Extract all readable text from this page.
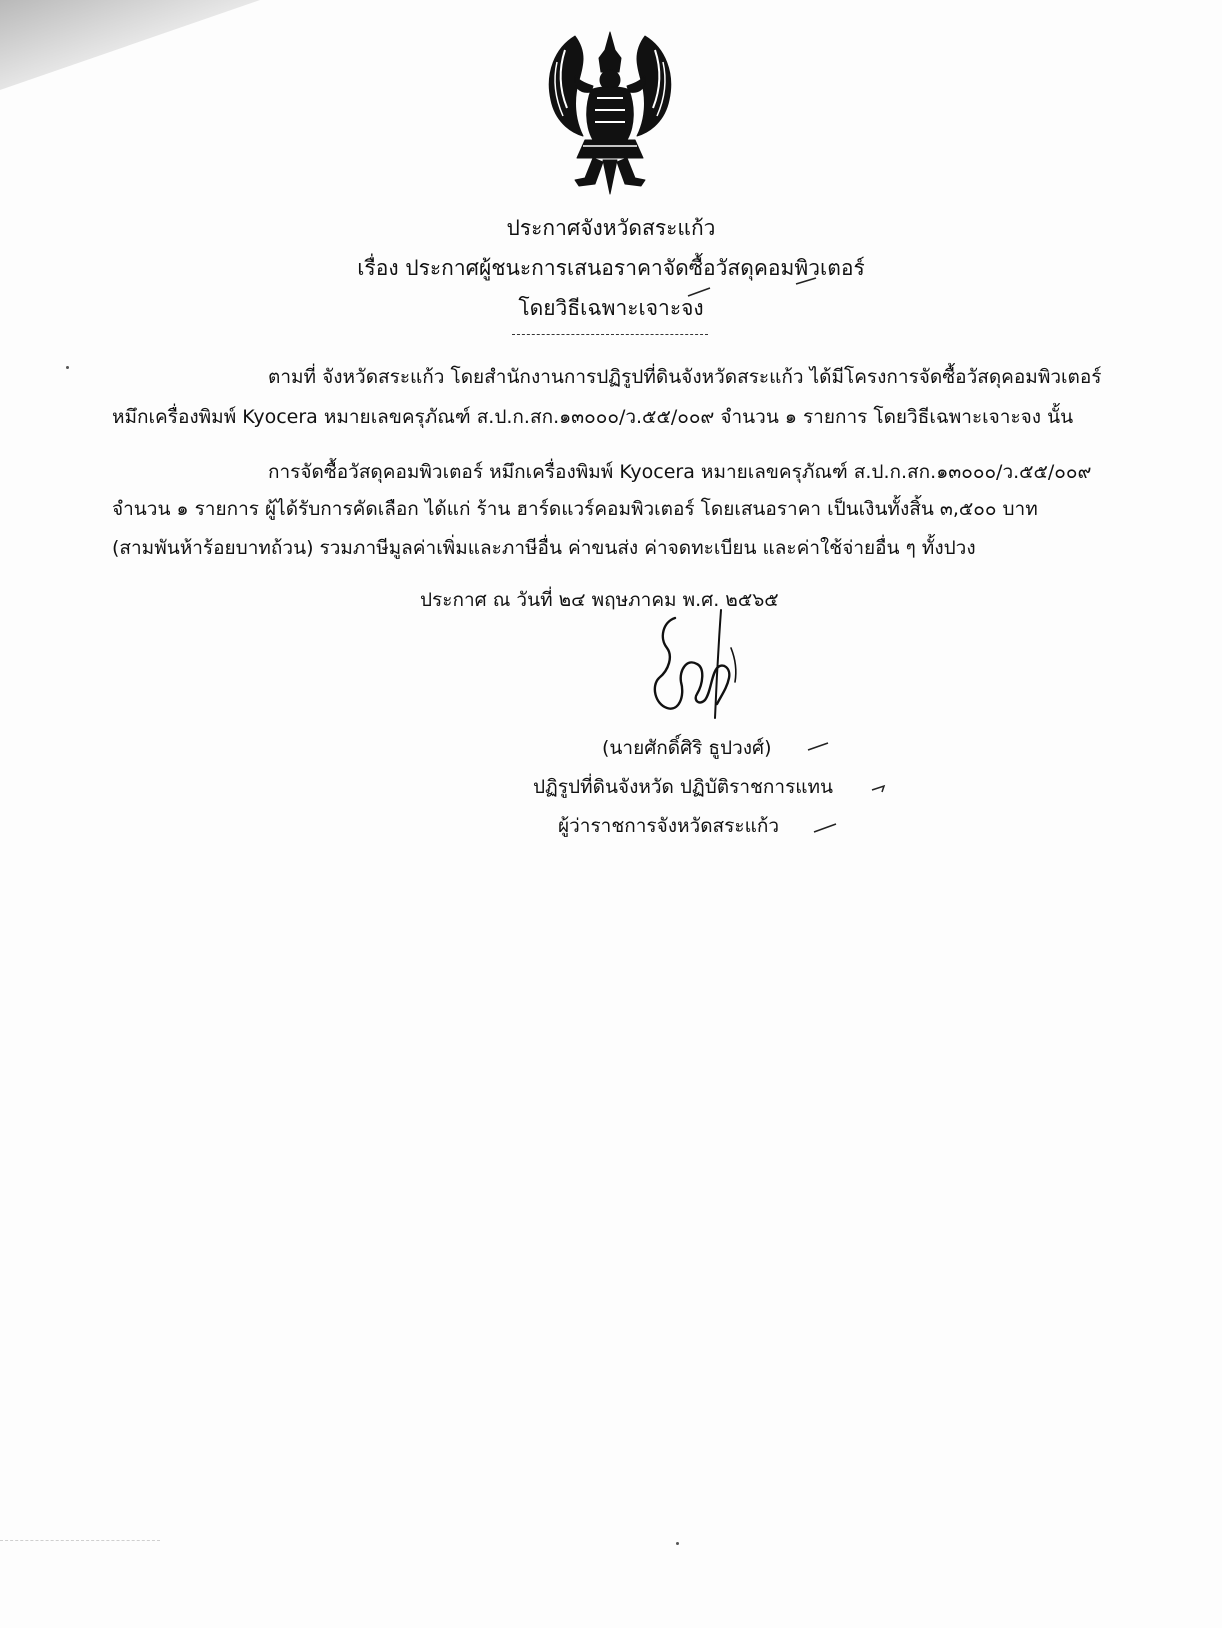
ประกาศจังหวัดสระแก้ว
เรื่อง ประกาศผู้ชนะการเสนอราคาจัดซื้อวัสดุคอมพิวเตอร์
โดยวิธีเฉพาะเจาะจง
ตามที่ จังหวัดสระแก้ว โดยสำนักงานการปฏิรูปที่ดินจังหวัดสระแก้ว ได้มีโครงการจัดซื้อวัสดุคอมพิวเตอร์
หมึกเครื่องพิมพ์ Kyocera หมายเลขครุภัณฑ์ ส.ป.ก.สก.๑๓๐๐๐/ว.๕๕/๐๐๙ จำนวน ๑ รายการ โดยวิธีเฉพาะเจาะจง นั้น
การจัดซื้อวัสดุคอมพิวเตอร์ หมึกเครื่องพิมพ์ Kyocera หมายเลขครุภัณฑ์ ส.ป.ก.สก.๑๓๐๐๐/ว.๕๕/๐๐๙
จำนวน ๑ รายการ ผู้ได้รับการคัดเลือก ได้แก่ ร้าน ฮาร์ดแวร์คอมพิวเตอร์ โดยเสนอราคา เป็นเงินทั้งสิ้น ๓,๕๐๐ บาท
(สามพันห้าร้อยบาทถ้วน) รวมภาษีมูลค่าเพิ่มและภาษีอื่น ค่าขนส่ง ค่าจดทะเบียน และค่าใช้จ่ายอื่น ๆ ทั้งปวง
ประกาศ ณ วันที่ ๒๔ พฤษภาคม พ.ศ. ๒๕๖๕
(นายศักดิ์ศิริ ธูปวงศ์)
ปฏิรูปที่ดินจังหวัด ปฏิบัติราชการแทน
ผู้ว่าราชการจังหวัดสระแก้ว
